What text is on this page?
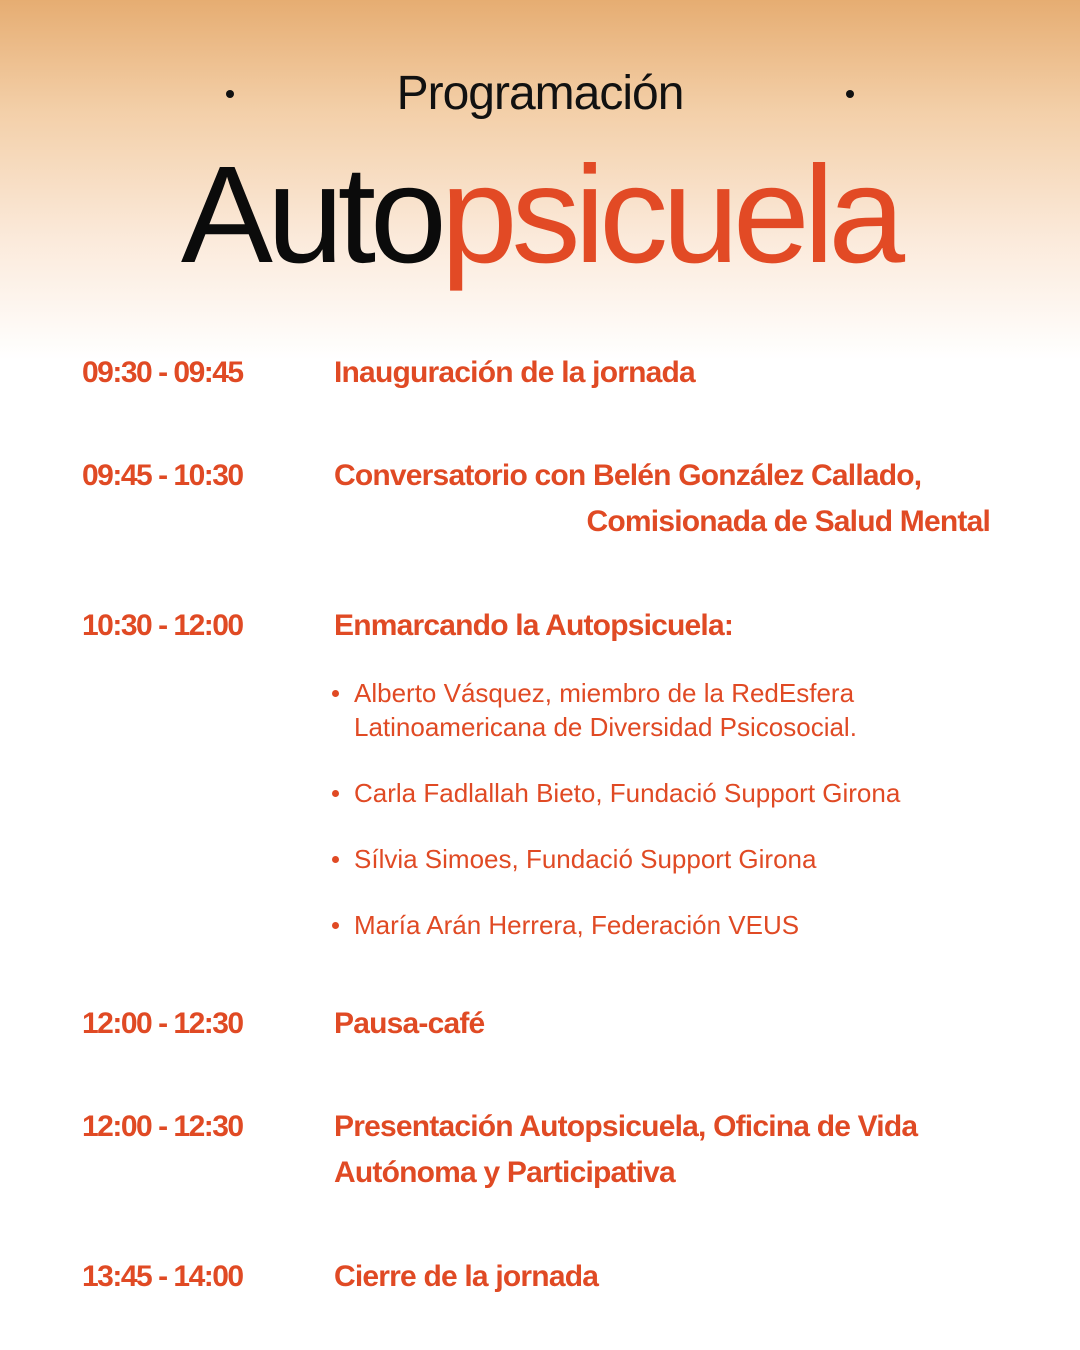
Programación
Autopsicuela
09:30 - 09:45	Inauguración de la jornada
09:45 - 10:30	Conversatorio con Belén González Callado,
Comisionada de Salud Mental
10:30 - 12:00	Enmarcando la Autopsicuela:
Alberto Vásquez, miembro de la RedEsfera
Latinoamericana de Diversidad Psicosocial.
Carla Fadlallah Bieto, Fundació Support Girona
Sílvia Simoes, Fundació Support Girona
María Arán Herrera, Federación VEUS
12:00 - 12:30	Pausa-café
12:00 - 12:30	Presentación Autopsicuela, Oficina de Vida
Autónoma y Participativa
13:45 - 14:00	Cierre de la jornada
